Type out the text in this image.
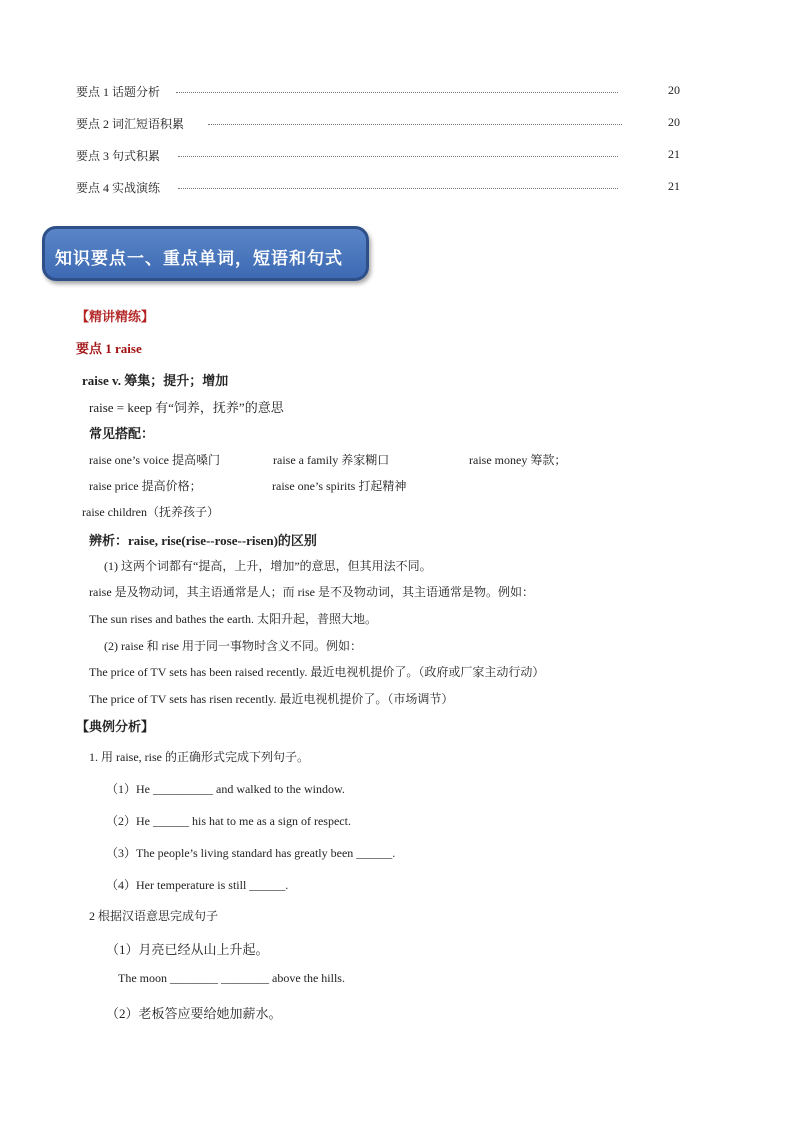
要点 1 话题分析	20
要点 2 词汇短语积累	20
要点 3 句式积累	21
要点 4 实战演练	21
知识要点一、重点单词，短语和句式
【精讲精练】
要点 1 raise
raise v. 筹集；提升；增加
raise = keep 有“饲养，抚养”的意思
常见搭配：
raise one’s voice 提高嗓门	raise a family 养家糊口	raise money 筹款；
raise price 提高价格；	raise one’s spirits 打起精神
raise children（抚养孩子）
辨析：raise, rise(rise--rose--risen)的区别
(1) 这两个词都有“提高，上升，增加”的意思，但其用法不同。
raise 是及物动词，其主语通常是人；而 rise 是不及物动词，其主语通常是物。例如：
The sun rises and bathes the earth. 太阳升起，普照大地。
(2) raise 和 rise 用于同一事物时含义不同。例如：
The price of TV sets has been raised recently. 最近电视机提价了。（政府或厂家主动行动）
The price of TV sets has risen recently. 最近电视机提价了。（市场调节）
【典例分析】
1. 用 raise, rise 的正确形式完成下列句子。
（1）He __________ and walked to the window.
（2）He ______ his hat to me as a sign of respect.
（3）The people’s living standard has greatly been ______.
（4）Her temperature is still ______.
2 根据汉语意思完成句子
（1）月亮已经从山上升起。
The moon ________ ________ above the hills.
（2）老板答应要给她加薪水。
